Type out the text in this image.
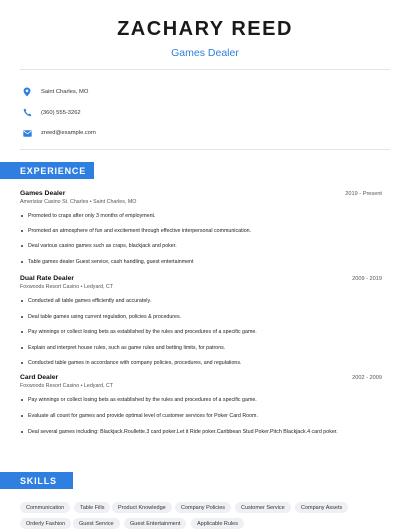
ZACHARY REED
Games Dealer
Saint Charles, MO
(360) 555-3262
zreed@example.com
EXPERIENCE
Games Dealer	2019 - Present
Ameristar Casino St. Charles • Saint Charles, MO
Promoted to craps after only 3 months of employment.
Promoted an atmosphere of fun and excitement through effective interpersonal communication.
Deal various casino games such as craps, blackjack and poker.
Table games dealer Guest service, cash handling, guest entertainment
Dual Rate Dealer	2009 - 2019
Foxwoods Resort Casino • Ledyard, CT
Conducted all table games efficiently and accurately.
Deal table games using current regulation, policies & procedures.
Pay winnings or collect losing bets as established by the rules and procedures of a specific game.
Explain and interpret house rules, such as game rules and betting limits, for patrons.
Conducted table games in accordance with company policies, procedures, and regulations.
Card Dealer	2002 - 2009
Foxwoods Resort Casino • Ledyard, CT
Pay winnings or collect losing bets as established by the rules and procedures of a specific game.
Evaluate all count for games and provide optimal level of customer services for Poker Card Room.
Deal several games including: Blackjack.Roullette.3 card poker.Let it Ride poker.Caribbean Stud Poker.Pitch Blackjack.4 card poker.
SKILLS
Communication	Table Fills	Product Knowledge	Company Policies	Customer Service	Company Assets
Orderly Fashion	Guest Service	Guest Entertainment	Applicable Rules
